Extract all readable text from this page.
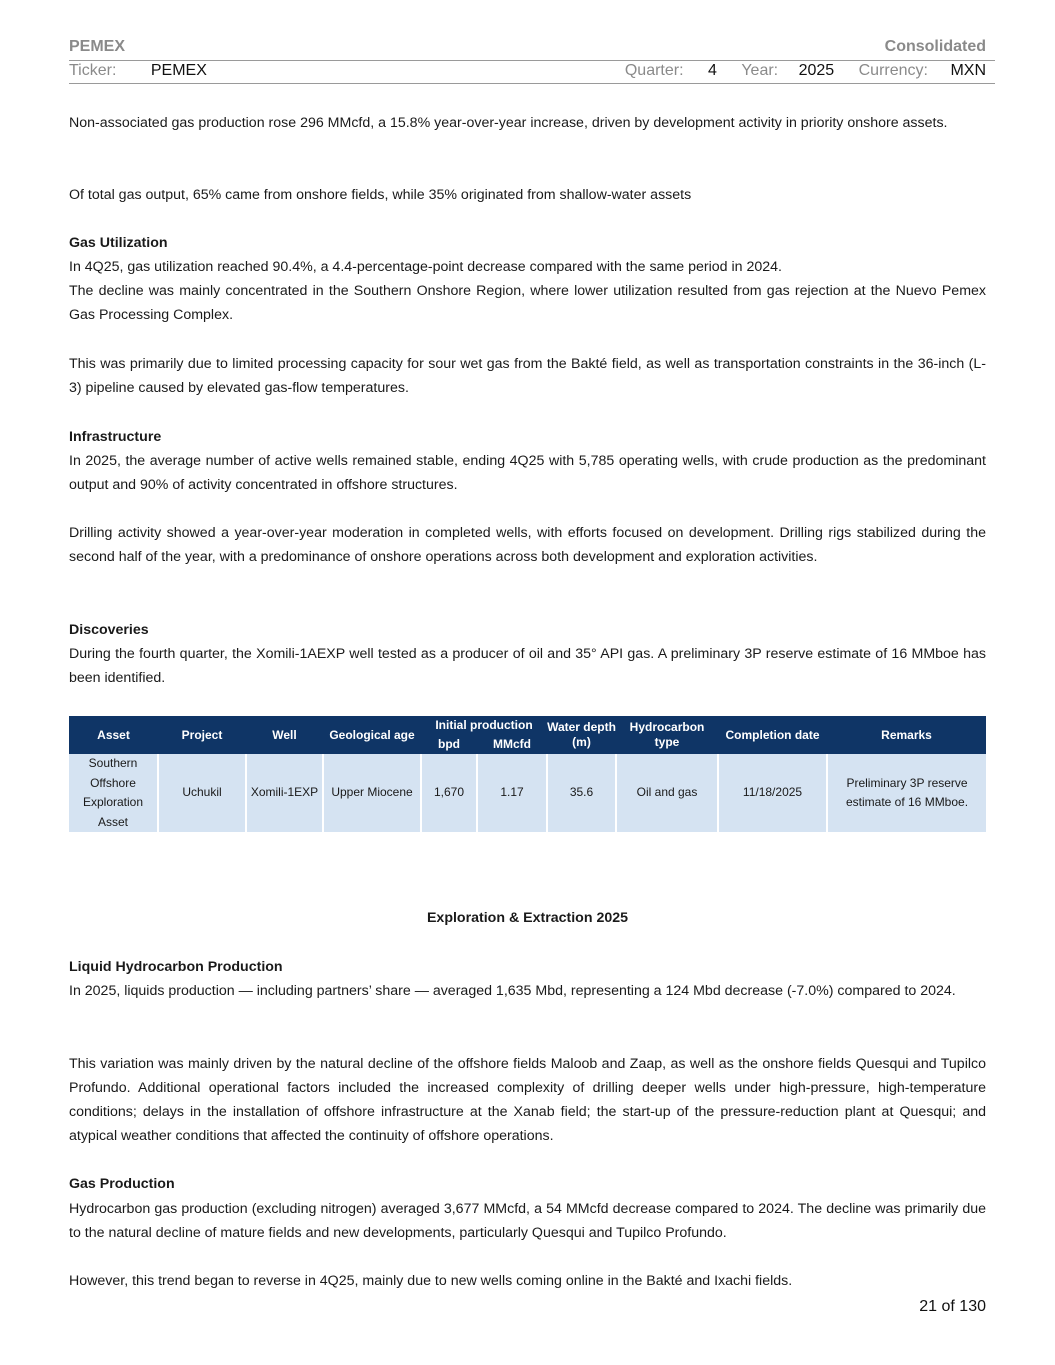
PEMEX	Consolidated
Ticker: PEMEX	Quarter: 4 Year: 2025 Currency: MXN

Non-associated gas production rose 296 MMcfd, a 15.8% year-over-year increase, driven by development activity in priority onshore assets.

Of total gas output, 65% came from onshore fields, while 35% originated from shallow-water assets

Gas Utilization

In 4Q25, gas utilization reached 90.4%, a 4.4-percentage-point decrease compared with the same period in 2024.

The decline was mainly concentrated in the Southern Onshore Region, where lower utilization resulted from gas rejection at the Nuevo Pemex Gas Processing Complex.

This was primarily due to limited processing capacity for sour wet gas from the Bakté field, as well as transportation constraints in the 36-inch (L-3) pipeline caused by elevated gas-flow temperatures.

Infrastructure

In 2025, the average number of active wells remained stable, ending 4Q25 with 5,785 operating wells, with crude production as the predominant output and 90% of activity concentrated in offshore structures.

Drilling activity showed a year-over-year moderation in completed wells, with efforts focused on development. Drilling rigs stabilized during the second half of the year, with a predominance of onshore operations across both development and exploration activities.

Discoveries

During the fourth quarter, the Xomili-1AEXP well tested as a producer of oil and 35° API gas. A preliminary 3P reserve estimate of 16 MMboe has been identified.

Asset	Project	Well	Geological age	Initial production		Water depth (m)	Hydrocarbon type	Completion date	Remarks
				bpd	MMcfd				
Southern Offshore Exploration Asset	Uchukil	Xomili-1EXP	Upper Miocene	1,670	1.17	35.6	Oil and gas	11/18/2025	Preliminary 3P reserve estimate of 16 MMboe.
Exploration & Extraction 2025

Liquid Hydrocarbon Production

In 2025, liquids production — including partners’ share — averaged 1,635 Mbd, representing a 124 Mbd decrease (-7.0%) compared to 2024.

This variation was mainly driven by the natural decline of the offshore fields Maloob and Zaap, as well as the onshore fields Quesqui and Tupilco Profundo. Additional operational factors included the increased complexity of drilling deeper wells under high-pressure, high-temperature conditions; delays in the installation of offshore infrastructure at the Xanab field; the start-up of the pressure-reduction plant at Quesqui; and atypical weather conditions that affected the continuity of offshore operations.

Gas Production

Hydrocarbon gas production (excluding nitrogen) averaged 3,677 MMcfd, a 54 MMcfd decrease compared to 2024. The decline was primarily due to the natural decline of mature fields and new developments, particularly Quesqui and Tupilco Profundo.

However, this trend began to reverse in 4Q25, mainly due to new wells coming online in the Bakté and Ixachi fields.

21 of 130
